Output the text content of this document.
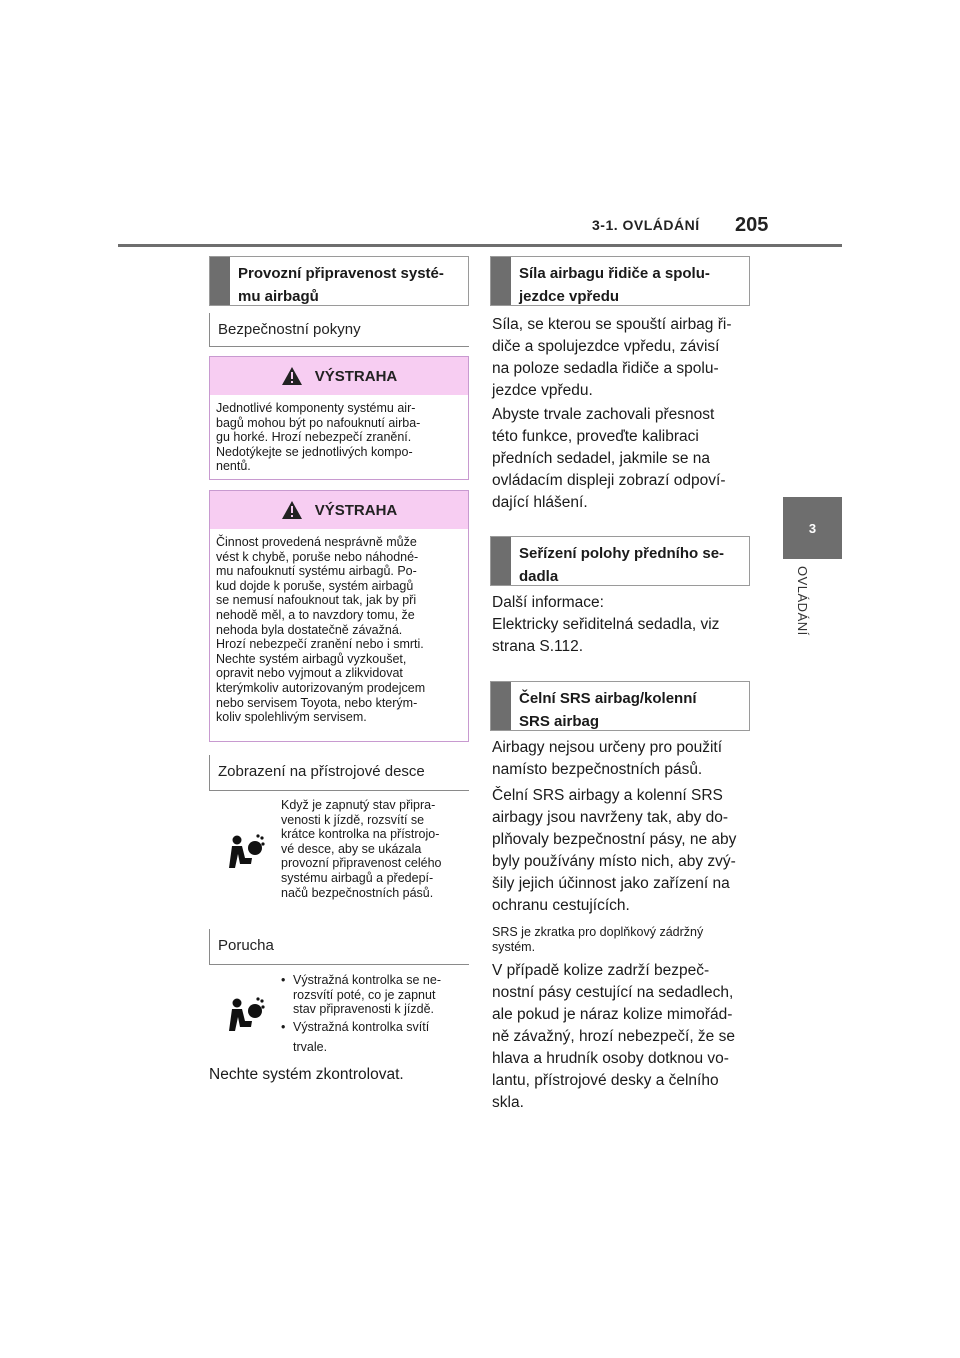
3-1. OVLÁDÁNÍ 205
3
OVLÁDÁNÍ
Provozní připravenost systé-
mu airbagů
Bezpečnostní pokyny
VÝSTRAHA
Jednotlivé komponenty systému air-
bagů mohou být po nafouknutí airba-
gu horké. Hrozí nebezpečí zranění.
Nedotýkejte se jednotlivých kompo-
nentů.
VÝSTRAHA
Činnost provedená nesprávně může
vést k chybě, poruše nebo náhodné-
mu nafouknutí systému airbagů. Po-
kud dojde k poruše, systém airbagů
se nemusí nafouknout tak, jak by při
nehodě měl, a to navzdory tomu, že
nehoda byla dostatečně závažná.
Hrozí nebezpečí zranění nebo i smrti.
Nechte systém airbagů vyzkoušet,
opravit nebo vyjmout a zlikvidovat
kterýmkoliv autorizovaným prodejcem
nebo servisem Toyota, nebo kterým-
koliv spolehlivým servisem.
Zobrazení na přístrojové desce
Když je zapnutý stav připra-
venosti k jízdě, rozsvítí se
krátce kontrolka na přístrojo-
vé desce, aby se ukázala
provozní připravenost celého
systému airbagů a předepí-
načů bezpečnostních pásů.
Porucha
• Výstražná kontrolka se ne-
rozsvítí poté, co je zapnut
stav připravenosti k jízdě.
• Výstražná kontrolka svítí
trvale.
Nechte systém zkontrolovat.
Síla airbagu řidiče a spolu-
jezdce vpředu
Síla, se kterou se spouští airbag ři-
diče a spolujezdce vpředu, závisí
na poloze sedadla řidiče a spolu-
jezdce vpředu.
Abyste trvale zachovali přesnost
této funkce, proveďte kalibraci
předních sedadel, jakmile se na
ovládacím displeji zobrazí odpoví-
dající hlášení.
Seřízení polohy předního se-
dadla
Další informace:
Elektricky seřiditelná sedadla, viz
strana S.112.
Čelní SRS airbag/kolenní
SRS airbag
Airbagy nejsou určeny pro použití
namísto bezpečnostních pásů.
Čelní SRS airbagy a kolenní SRS
airbagy jsou navrženy tak, aby do-
plňovaly bezpečnostní pásy, ne aby
byly používány místo nich, aby zvý-
šily jejich účinnost jako zařízení na
ochranu cestujících.
SRS je zkratka pro doplňkový zádržný
systém.
V případě kolize zadrží bezpeč-
nostní pásy cestující na sedadlech,
ale pokud je náraz kolize mimořád-
ně závažný, hrozí nebezpečí, že se
hlava a hrudník osoby dotknou vo-
lantu, přístrojové desky a čelního
skla.
